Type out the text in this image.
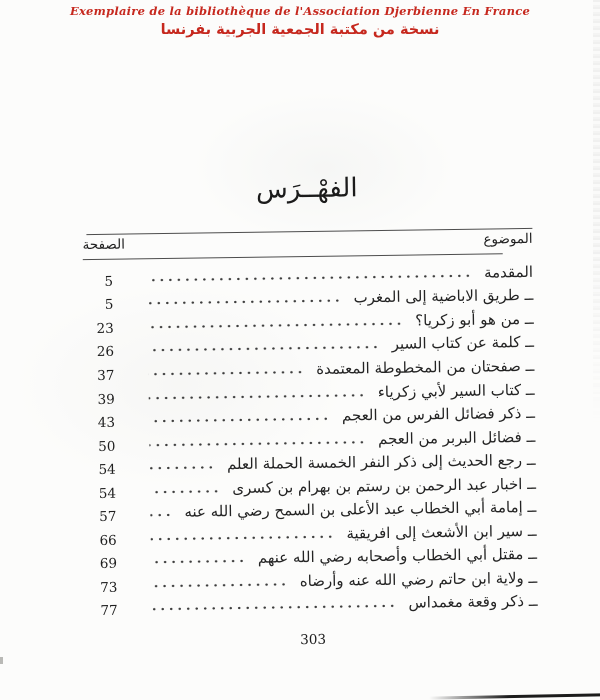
Exemplaire de la bibliothèque de l'Association Djerbienne En France
نسخة من مكتبة الجمعية الجربية بفرنسا
الفهْــرَس
الموضوع
الصفحة
المقدمة
5
ــ طريق الاباضية إلى المغرب
5
ــ من هو أبو زكريا؟
23
ــ كلمة عن كتاب السير
26
ــ صفحتان من المخطوطة المعتمدة
37
ــ كتاب السير لأبي زكرياء
39
ــ ذكر فضائل الفرس من العجم
43
ــ فضائل البربر من العجم
50
ــ رجع الحديث إلى ذكر النفر الخمسة الحملة العلم
54
ــ اخبار عبد الرحمن بن رستم بن بهرام بن كسرى
54
ــ إمامة أبي الخطاب عبد الأعلى بن السمح رضي الله عنه
57
ــ سير ابن الأشعث إلى افريقية
66
ــ مقتل أبي الخطاب وأصحابه رضي الله عنهم
69
ــ ولاية ابن حاتم رضي الله عنه وأرضاه
73
ــ ذكر وقعة مغمداس
77
303
